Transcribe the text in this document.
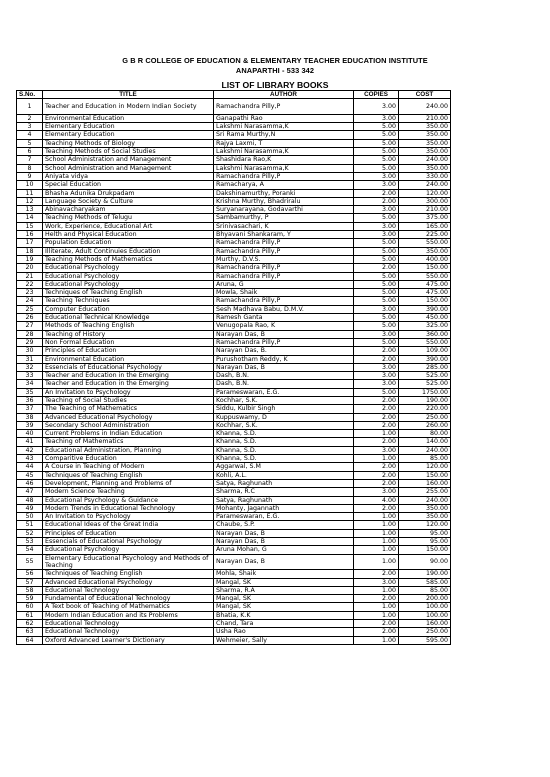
G B R COLLEGE OF EDUCATION & ELEMENTARY TEACHER EDUCATION INSTITUTE
ANAPARTHI - 533 342
LIST OF LIBRARY BOOKS
S.No.	TITLE	AUTHOR	COPIES	COST
1	Teacher and Education in Modern Indian Society	Ramachandra Pilly,P	3.00	240.00
2	Environmental Education	Ganapathi Rao	3.00	210.00
3	Elementary Education	Lakshmi Narasamma,K	5.00	350.00
4	Elementary Education	Sri Rama Murthy,N	5.00	350.00
5	Teaching Methods of Biology	Rajya Laxmi, T	5.00	350.00
6	Teaching Methods of Social Studies	Lakshmi Narasamma,K	5.00	350.00
7	School Administration and Management	Shashidara Rao,K	5.00	240.00
8	School Administration and Management	Lakshmi Narasamma,K	5.00	350.00
9	Aniyata vidya	Ramachandra Pilly,P	3.00	330.00
10	Special Education	Ramacharya, A	3.00	240.00
11	Bhasha Adunika Drukpadam	Dakshinamurthy, Poranki	2.00	120.00
12	Language Society & Culture	Krishna Murthy, Bhadriralu	2.00	300.00
13	Abinavacharyakam	Suryanarayana, Godavarthi	3.00	210.00
14	Teaching Methods of Telugu	Sambamurthy, P	5.00	375.00
15	Work, Experience, Educational Art	Srinivasachari, K	3.00	165.00
16	Helth and Physical Education	Bhyavani Shankaram, Y	3.00	225.00
17	Population Education	Ramachandra Pilly,P	5.00	550.00
18	Illiterate, Adult Continuies Education	Ramachandra Pilly,P	5.00	350.00
19	Teaching Methods of Mathematics	Murthy, D.V.S.	5.00	400.00
20	Educational Psychology	Ramachandra Pilly,P	2.00	150.00
21	Educational Psychology	Ramachandra Pilly,P	5.00	550.00
22	Educational Psychology	Aruna, G	5.00	475.00
23	Techniques of Teaching English	Mowla, Shaik	5.00	475.00
24	Teaching Techniques	Ramachandra Pilly,P	5.00	150.00
25	Computer Education	Sesh Madhava Babu, D.M.V.	3.00	390.00
26	Educational Technical Knowledge	Ramesh Ganta	5.00	450.00
27	Methods of Teaching English	Venugopala Rao, K	5.00	325.00
28	Teaching of History	Narayan Das, B	3.00	360.00
29	Non Formal Education	Ramachandra Pilly,P	5.00	550.00
30	Principles of Education	Narayan Das, B.	2.00	109.00
31	Environmental Education	Purushotham Reddy, K	2.00	390.00
32	Essencials of Educational Psychology	Narayan Das, B	3.00	285.00
33	Teacher and Education in the Emerging	Dash, B.N.	3.00	525.00
34	Teacher and Education in the Emerging	Dash, B.N.	3.00	525.00
35	An Invitation to Psychology	Parameswaran, E.G.	5.00	1750.00
36	Teaching of Social Studies	Kochhar, S.K.	2.00	190.00
37	The Teaching of Mathematics	Siddu, Kulbir Singh	2.00	220.00
38	Advanced Educational Psychology	Kuppuswamy, D	2.00	250.00
39	Secondary School Administration	Kochhar, S.K.	2.00	260.00
40	Current Problems in Indian Education	Khanna, S.D.	1.00	80.00
41	Teaching of Mathematics	Khanna, S.D.	2.00	140.00
42	Educational Administration, Planning	Khanna, S.D.	3.00	240.00
43	Comparitive Education	Khanna, S.D.	1.00	85.00
44	A Course in Teaching of Modern	Aggarwal, S.M	2.00	120.00
45	Techniques of Teaching English	Kohli, A.L.	2.00	150.00
46	Development, Planning and Problems of	Satya, Raghunath	2.00	160.00
47	Modern Science Teaching	Sharma, R.C	3.00	255.00
48	Educational Psychology & Guidance	Satya, Raghunath	4.00	240.00
49	Modern Trends in Educational Technology	Mohanty, Jagannath	2.00	350.00
50	An Invitation to Psychology	Parameswaran, E.G.	1.00	350.00
51	Educational Ideas of the Great India	Chaube, S.P.	1.00	120.00
52	Principles of Education	Narayan Das, B	1.00	95.00
53	Essencials of Educational Psychology	Narayan Das, B	1.00	95.00
54	Educational Psychology	Aruna Mohan, G	1.00	150.00
55	Elementary Educational Psychology and Methods of Teaching	Narayan Das, B	1.00	90.00
56	Techniques of Teaching English	Mohla, Shaik	2.00	190.00
57	Advanced Educational Psychology	Mangal, SK	3.00	585.00
58	Educational Technology	Sharma, R.A	1.00	85.00
59	Fundamental of Educational Technology	Mangal, SK	2.00	200.00
60	A Text book of Teaching of Mathematics	Mangal, SK	1.00	100.00
61	Modern Indian Education and its Problems	Bhatia, K.K	1.00	100.00
62	Educational Technology	Chand, Tara	2.00	160.00
63	Educational Technology	Usha Rao	2.00	250.00
64	Oxford Advanced Learner's Dictionary	Wehmeier, Sally	1.00	595.00
